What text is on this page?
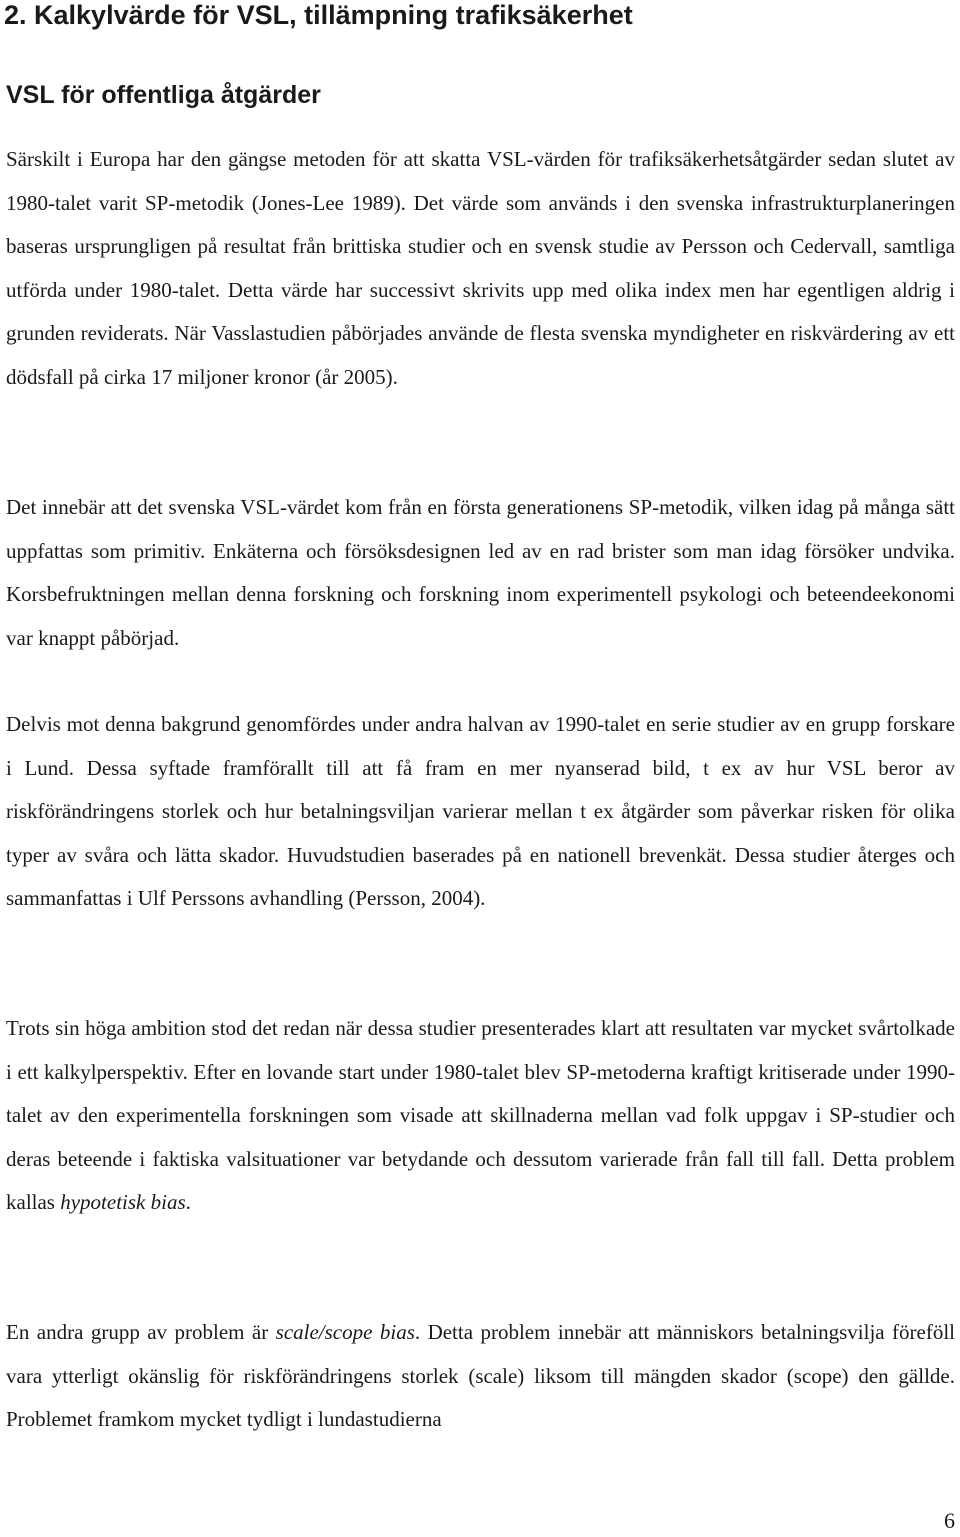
2. Kalkylvärde för VSL, tillämpning trafiksäkerhet
VSL för offentliga åtgärder

Särskilt i Europa har den gängse metoden för att skatta VSL-värden för trafiksäkerhetsåtgärder sedan slutet av 1980-talet varit SP-metodik (Jones-Lee 1989). Det värde som används i den svenska infrastrukturplaneringen baseras ursprungligen på resultat från brittiska studier och en svensk studie av Persson och Cedervall, samtliga utförda under 1980-talet. Detta värde har successivt skrivits upp med olika index men har egentligen aldrig i grunden reviderats. När Vasslastudien påbörjades använde de flesta svenska myndigheter en riskvärdering av ett dödsfall på cirka 17 miljoner kronor (år 2005).

Det innebär att det svenska VSL-värdet kom från en första generationens SP-metodik, vilken idag på många sätt uppfattas som primitiv. Enkäterna och försöksdesignen led av en rad brister som man idag försöker undvika. Korsbefruktningen mellan denna forskning och forskning inom experimentell psykologi och beteendeekonomi var knappt påbörjad.

Delvis mot denna bakgrund genomfördes under andra halvan av 1990-talet en serie studier av en grupp forskare i Lund. Dessa syftade framförallt till att få fram en mer nyanserad bild, t ex av hur VSL beror av riskförändringens storlek och hur betalningsviljan varierar mellan t ex åtgärder som påverkar risken för olika typer av svåra och lätta skador. Huvudstudien baserades på en nationell brevenkät. Dessa studier återges och sammanfattas i Ulf Perssons avhandling (Persson, 2004).

Trots sin höga ambition stod det redan när dessa studier presenterades klart att resultaten var mycket svårtolkade i ett kalkylperspektiv. Efter en lovande start under 1980-talet blev SP-metoderna kraftigt kritiserade under 1990-talet av den experimentella forskningen som visade att skillnaderna mellan vad folk uppgav i SP-studier och deras beteende i faktiska valsituationer var betydande och dessutom varierade från fall till fall. Detta problem kallas hypotetisk bias.

En andra grupp av problem är scale/scope bias. Detta problem innebär att människors betalningsvilja föreföll vara ytterligt okänslig för riskförändringens storlek (scale) liksom till mängden skador (scope) den gällde. Problemet framkom mycket tydligt i lundastudierna

6
